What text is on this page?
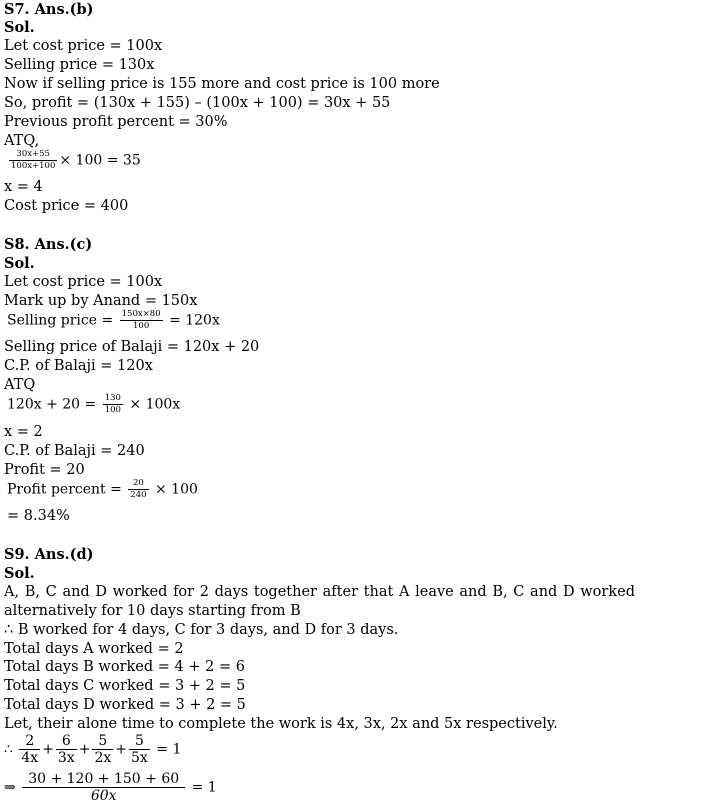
S7. Ans.(b)
Sol.
Let cost price = 100x
Selling price = 130x
Now if selling price is 155 more and cost price is 100 more
So, profit = (130x + 155) – (100x + 100) = 30x + 55
Previous profit percent = 30%
ATQ,
$\frac{30x+55}{100x+100} \times 100 = 35$
x = 4
Cost price = 400
S8. Ans.(c)
Sol.
Let cost price = 100x
Mark up by Anand = 150x
Selling price = $\frac{150x\times 80}{100} = 120x$
Selling price of Balaji = 120x + 20
C.P. of Balaji = 120x
ATQ
$120x + 20 = \frac{130}{100} \times 100x$
x = 2
C.P. of Balaji = 240
Profit = 20
Profit percent = $\frac{20}{240} \times 100$
= 8.34%
S9. Ans.(d)
Sol.
A, B, C and D worked for 2 days together after that A leave and B, C and D worked
alternatively for 10 days starting from B
∴ B worked for 4 days, C for 3 days, and D for 3 days.
Total days A worked = 2
Total days B worked = 4 + 2 = 6
Total days C worked = 3 + 2 = 5
Total days D worked = 3 + 2 = 5
Let, their alone time to complete the work is 4x, 3x, 2x and 5x respectively.
∴ $\frac{2}{4x} + \frac{6}{3x} + \frac{5}{2x} + \frac{5}{5x} = 1$
⇒ $\frac{30 + 120 + 150 + 60}{60x} = 1$
